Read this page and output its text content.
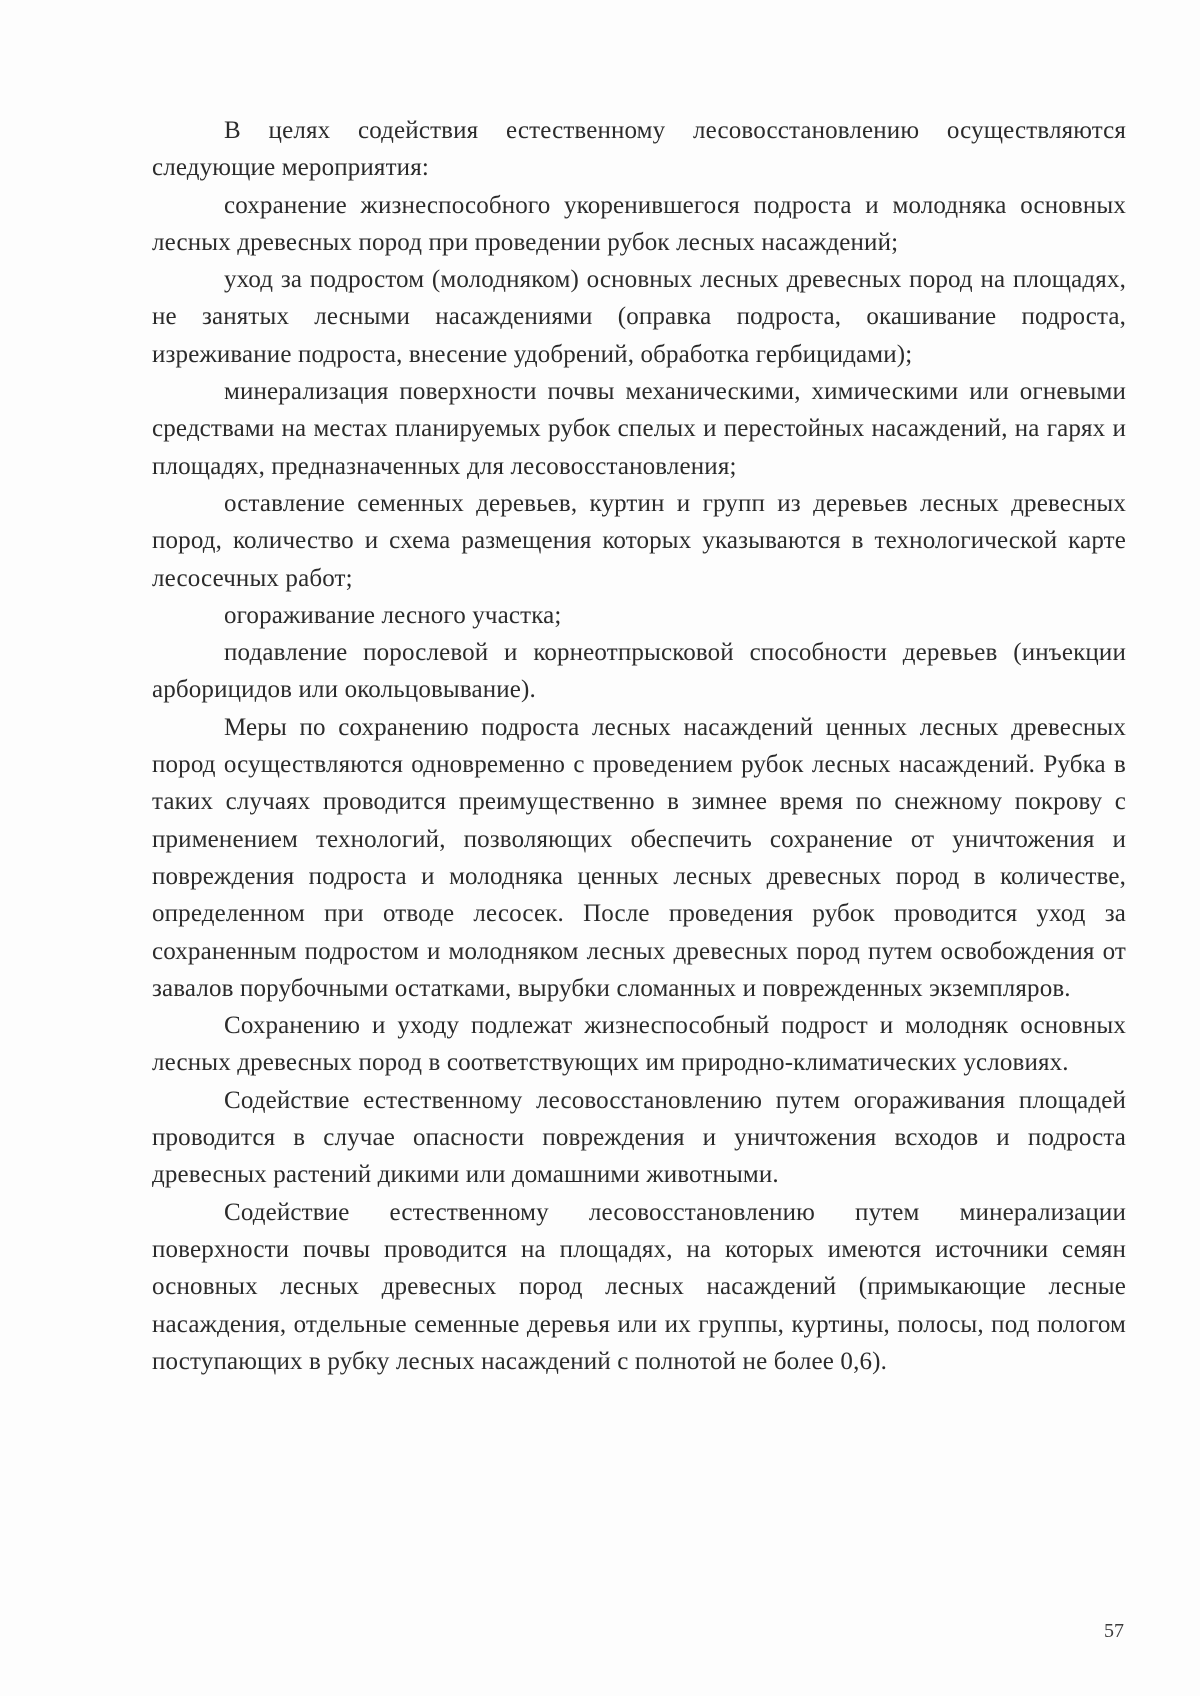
В целях содействия естественному лесовосстановлению осуществляются следующие мероприятия:

сохранение жизнеспособного укоренившегося подроста и молодняка основных лесных древесных пород при проведении рубок лесных насаждений;

уход за подростом (молодняком) основных лесных древесных пород на площадях, не занятых лесными насаждениями (оправка подроста, окашивание подроста, изреживание подроста, внесение удобрений, обработка гербицидами);

минерализация поверхности почвы механическими, химическими или огневыми средствами на местах планируемых рубок спелых и перестойных насаждений, на гарях и площадях, предназначенных для лесовосстановления;

оставление семенных деревьев, куртин и групп из деревьев лесных древесных пород, количество и схема размещения которых указываются в технологической карте лесосечных работ;

огораживание лесного участка;

подавление порослевой и корнеотпрысковой способности деревьев (инъекции арборицидов или окольцовывание).

Меры по сохранению подроста лесных насаждений ценных лесных древесных пород осуществляются одновременно с проведением рубок лесных насаждений. Рубка в таких случаях проводится преимущественно в зимнее время по снежному покрову с применением технологий, позволяющих обеспечить сохранение от уничтожения и повреждения подроста и молодняка ценных лесных древесных пород в количестве, определенном при отводе лесосек. После проведения рубок проводится уход за сохраненным подростом и молодняком лесных древесных пород путем освобождения от завалов порубочными остатками, вырубки сломанных и поврежденных экземпляров.

Сохранению и уходу подлежат жизнеспособный подрост и молодняк основных лесных древесных пород в соответствующих им природно-климатических условиях.

Содействие естественному лесовосстановлению путем огораживания площадей проводится в случае опасности повреждения и уничтожения всходов и подроста древесных растений дикими или домашними животными.

Содействие естественному лесовосстановлению путем минерализации поверхности почвы проводится на площадях, на которых имеются источники семян основных лесных древесных пород лесных насаждений (примыкающие лесные насаждения, отдельные семенные деревья или их группы, куртины, полосы, под пологом поступающих в рубку лесных насаждений с полнотой не более 0,6).

57
